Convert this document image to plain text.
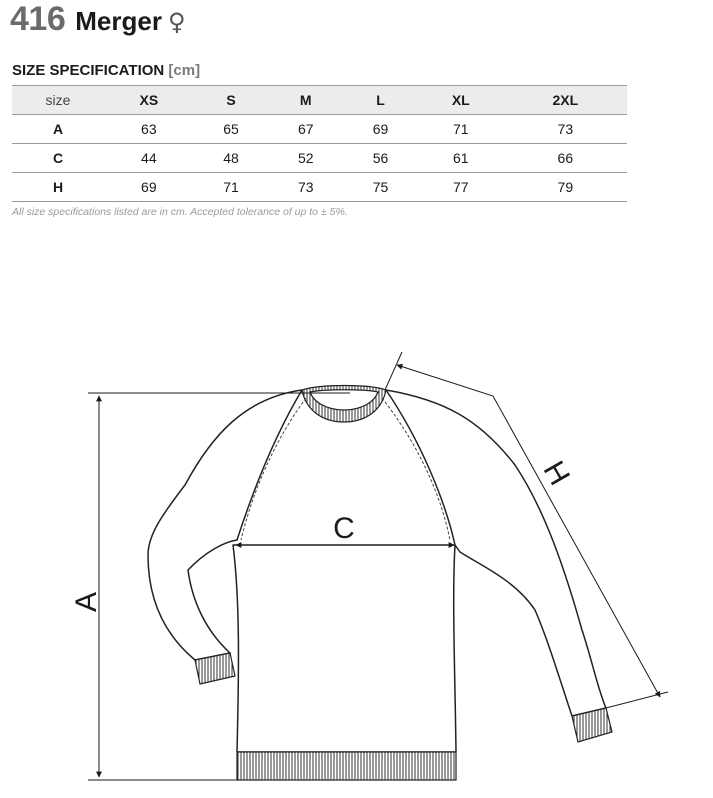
416 Merger ♀
SIZE SPECIFICATION [cm]
size	XS	S	M	L	XL	2XL
A	63	65	67	69	71	73
C	44	48	52	56	61	66
H	69	71	73	75	77	79
All size specifications listed are in cm. Accepted tolerance of up to ± 5%.
A
C
H
